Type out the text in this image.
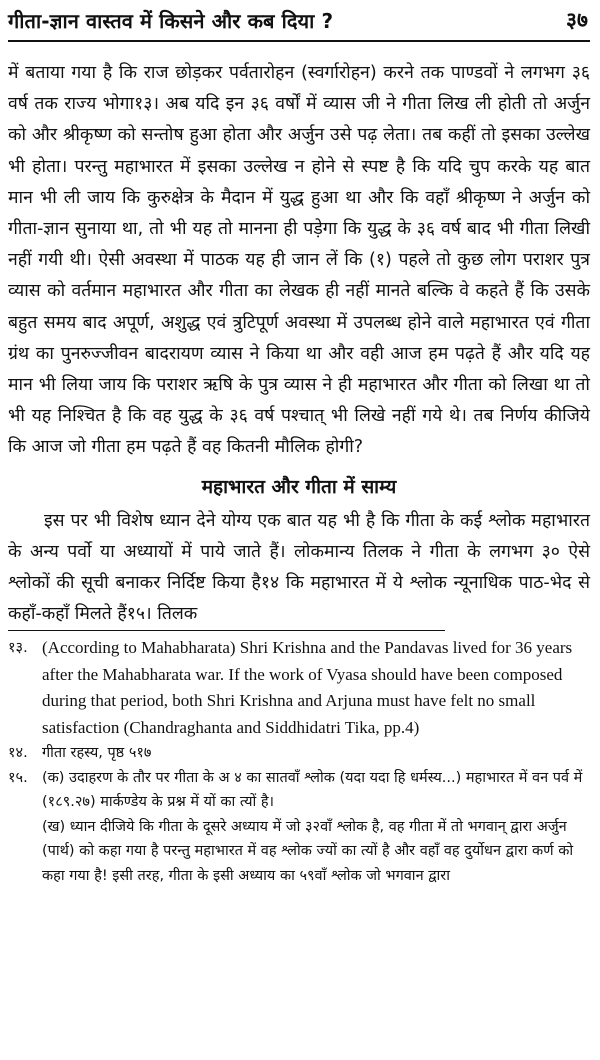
गीता-ज्ञान वास्तव में किसने और कब दिया ?	३७

में बताया गया है कि राज छोड़कर पर्वतारोहन (स्वर्गारोहन) करने तक पाण्डवों ने लगभग ३६ वर्ष तक राज्य भोगा१३। अब यदि इन ३६ वर्षों में व्यास जी ने गीता लिख ली होती तो अर्जुन को और श्रीकृष्ण को सन्तोष हुआ होता और अर्जुन उसे पढ़ लेता। तब कहीं तो इसका उल्लेख भी होता। परन्तु महाभारत में इसका उल्लेख न होने से स्पष्ट है कि यदि चुप करके यह बात मान भी ली जाय कि कुरुक्षेत्र के मैदान में युद्ध हुआ था और कि वहाँ श्रीकृष्ण ने अर्जुन को गीता-ज्ञान सुनाया था, तो भी यह तो मानना ही पड़ेगा कि युद्ध के ३६ वर्ष बाद भी गीता लिखी नहीं गयी थी। ऐसी अवस्था में पाठक यह ही जान लें कि (१) पहले तो कुछ लोग पराशर पुत्र व्यास को वर्तमान महाभारत और गीता का लेखक ही नहीं मानते बल्कि वे कहते हैं कि उसके बहुत समय बाद अपूर्ण, अशुद्ध एवं त्रुटिपूर्ण अवस्था में उपलब्ध होने वाले महाभारत एवं गीता ग्रंथ का पुनरुज्जीवन बादरायण व्यास ने किया था और वही आज हम पढ़ते हैं और यदि यह मान भी लिया जाय कि पराशर ऋषि के पुत्र व्यास ने ही महाभारत और गीता को लिखा था तो भी यह निश्चित है कि वह युद्ध के ३६ वर्ष पश्चात् भी लिखे नहीं गये थे। तब निर्णय कीजिये कि आज जो गीता हम पढ़ते हैं वह कितनी मौलिक होगी?

महाभारत और गीता में साम्य

इस पर भी विशेष ध्यान देने योग्य एक बात यह भी है कि गीता के कई श्लोक महाभारत के अन्य पर्वो या अध्यायों में पाये जाते हैं। लोकमान्य तिलक ने गीता के लगभग ३० ऐसे श्लोकों की सूची बनाकर निर्दिष्ट किया है१४ कि महाभारत में ये श्लोक न्यूनाधिक पाठ-भेद से कहाँ-कहाँ मिलते हैं१५। तिलक

१३. (According to Mahabharata) Shri Krishna and the Pandavas lived for 36 years after the Mahabharata war. If the work of Vyasa should have been composed during that period, both Shri Krishna and Arjuna must have felt no small satisfaction (Chandraghanta and Siddhidatri Tika, pp.4)
१४. गीता रहस्य, पृष्ठ ५१७
१५. (क) उदाहरण के तौर पर गीता के अ ४ का सातवाँ श्लोक (यदा यदा हि धर्मस्य...) महाभारत में वन पर्व में (१८९.२७) मार्कण्डेय के प्रश्न में यों का त्यों है।

(ख) ध्यान दीजिये कि गीता के दूसरे अध्याय में जो ३२वाँ श्लोक है, वह गीता में तो भगवान् द्वारा अर्जुन (पार्थ) को कहा गया है परन्तु महाभारत में वह श्लोक ज्यों का त्यों है और वहाँ वह दुर्योधन द्वारा कर्ण को कहा गया है! इसी तरह, गीता के इसी अध्याय का ५९वाँ श्लोक जो भगवान द्वारा
